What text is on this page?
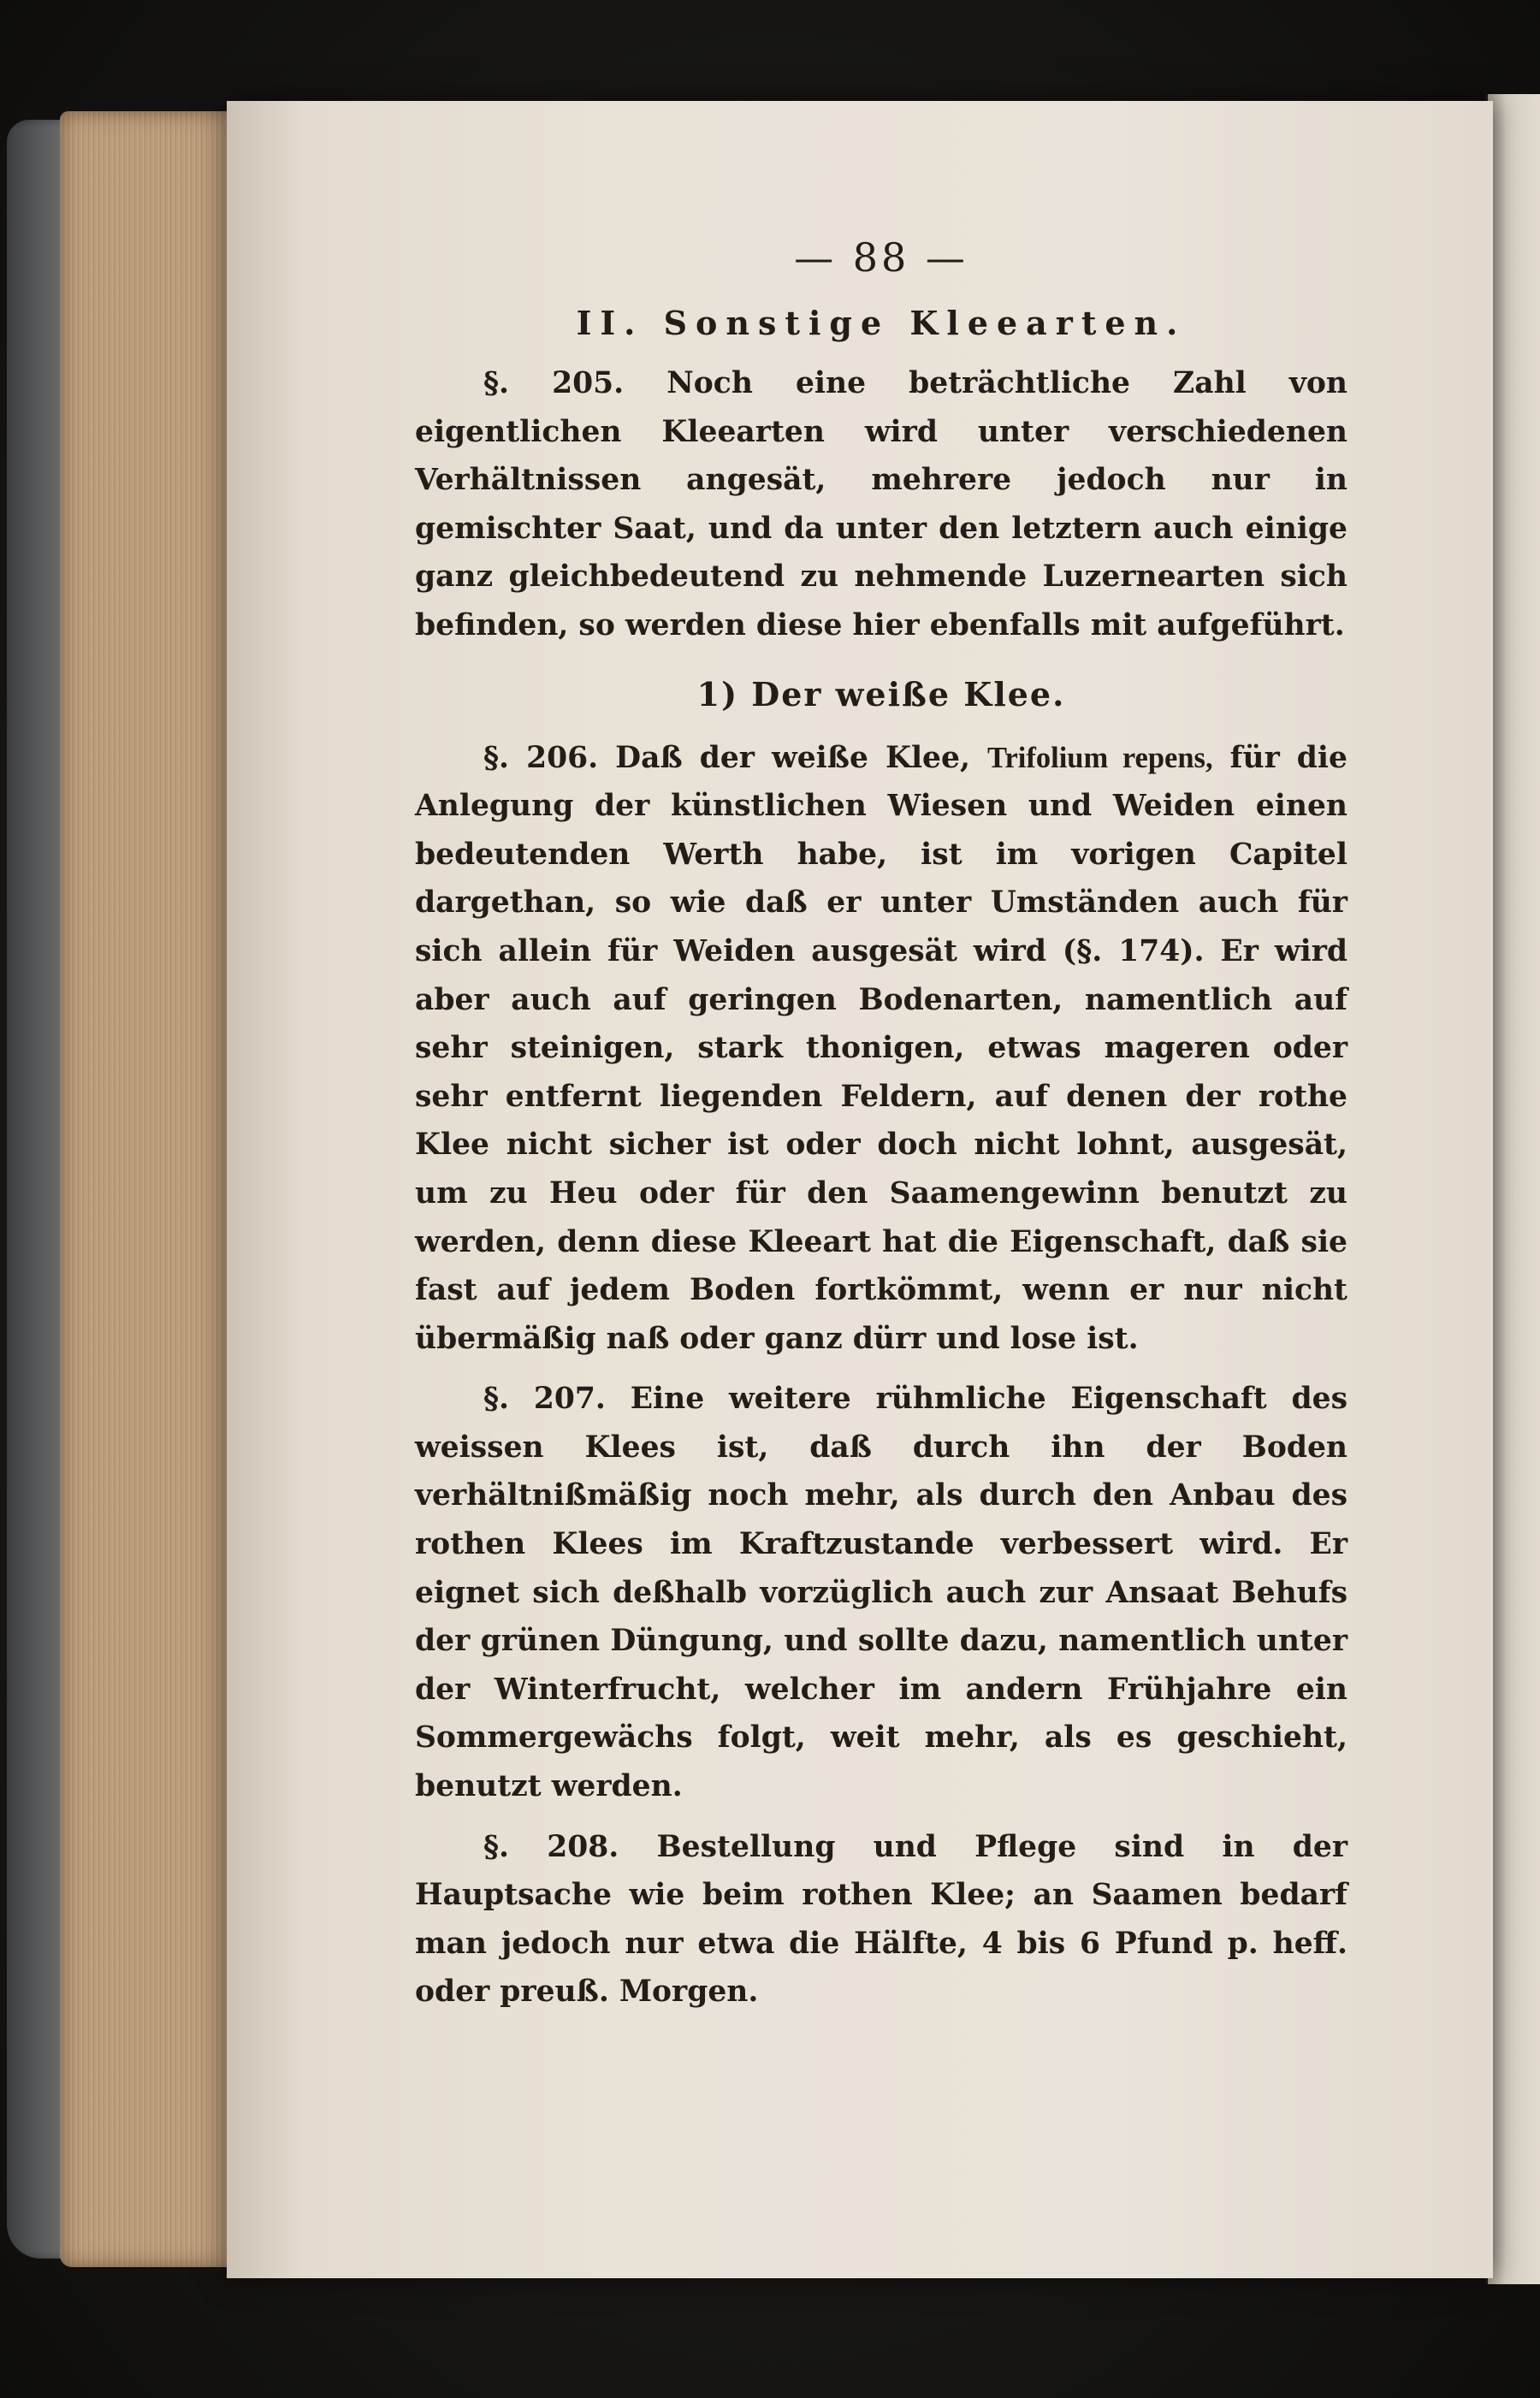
— 88 —
II. Sonstige Kleearten.

§. 205. Noch eine beträchtliche Zahl von eigentlichen Kleearten wird unter verschiedenen Verhältnissen angesät, mehrere jedoch nur in gemischter Saat, und da unter den letztern auch einige ganz gleichbedeutend zu nehmende Luzernearten sich befinden, so werden diese hier ebenfalls mit aufgeführt.

1) Der weiße Klee.

§. 206. Daß der weiße Klee, Trifolium repens, für die Anlegung der künstlichen Wiesen und Weiden einen bedeutenden Werth habe, ist im vorigen Capitel dargethan, so wie daß er unter Umständen auch für sich allein für Weiden ausgesät wird (§. 174). Er wird aber auch auf geringen Bodenarten, namentlich auf sehr steinigen, stark thonigen, etwas mageren oder sehr entfernt liegenden Feldern, auf denen der rothe Klee nicht sicher ist oder doch nicht lohnt, ausgesät, um zu Heu oder für den Saamengewinn benutzt zu werden, denn diese Kleeart hat die Eigenschaft, daß sie fast auf jedem Boden fortkömmt, wenn er nur nicht übermäßig naß oder ganz dürr und lose ist.

§. 207. Eine weitere rühmliche Eigenschaft des weissen Klees ist, daß durch ihn der Boden verhältnißmäßig noch mehr, als durch den Anbau des rothen Klees im Kraftzustande verbessert wird. Er eignet sich deßhalb vorzüglich auch zur Ansaat Behufs der grünen Düngung, und sollte dazu, namentlich unter der Winterfrucht, welcher im andern Frühjahre ein Sommergewächs folgt, weit mehr, als es geschieht, benutzt werden.

§. 208. Bestellung und Pflege sind in der Hauptsache wie beim rothen Klee; an Saamen bedarf man jedoch nur etwa die Hälfte, 4 bis 6 Pfund p. heff. oder preuß. Morgen.
